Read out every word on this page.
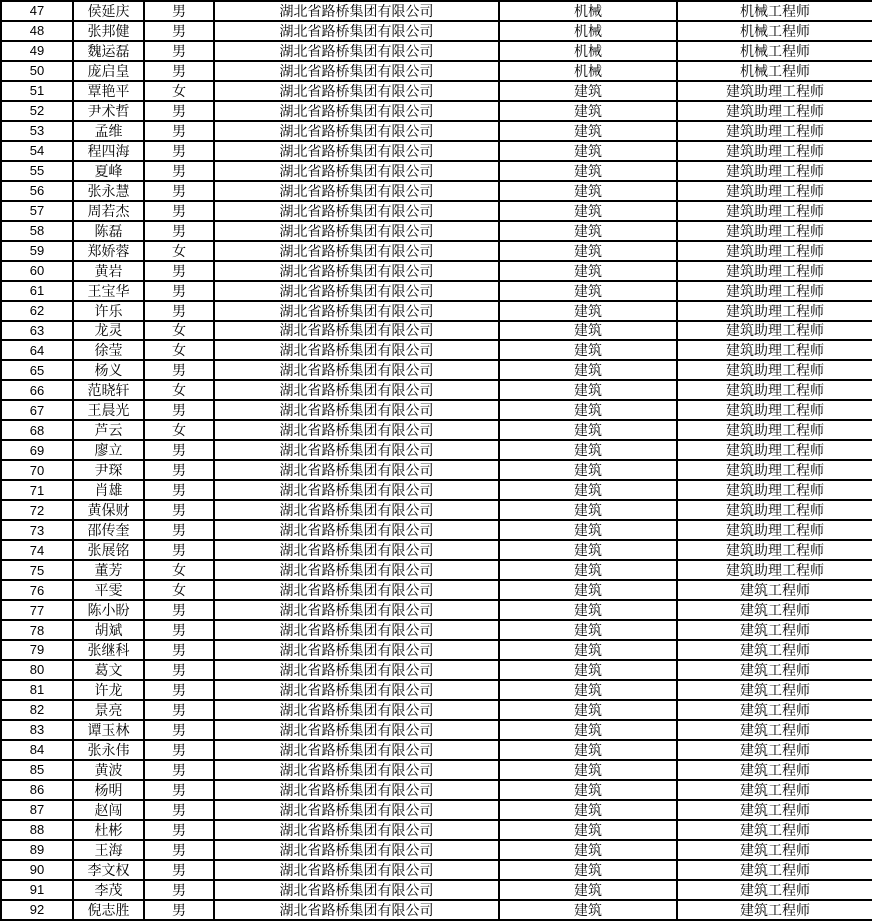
47	侯延庆	男	湖北省路桥集团有限公司	机械	机械工程师
48	张邦健	男	湖北省路桥集团有限公司	机械	机械工程师
49	魏运磊	男	湖北省路桥集团有限公司	机械	机械工程师
50	庞启皇	男	湖北省路桥集团有限公司	机械	机械工程师
51	覃艳平	女	湖北省路桥集团有限公司	建筑	建筑助理工程师
52	尹术哲	男	湖北省路桥集团有限公司	建筑	建筑助理工程师
53	孟维	男	湖北省路桥集团有限公司	建筑	建筑助理工程师
54	程四海	男	湖北省路桥集团有限公司	建筑	建筑助理工程师
55	夏峰	男	湖北省路桥集团有限公司	建筑	建筑助理工程师
56	张永慧	男	湖北省路桥集团有限公司	建筑	建筑助理工程师
57	周若杰	男	湖北省路桥集团有限公司	建筑	建筑助理工程师
58	陈磊	男	湖北省路桥集团有限公司	建筑	建筑助理工程师
59	郑娇蓉	女	湖北省路桥集团有限公司	建筑	建筑助理工程师
60	黄岩	男	湖北省路桥集团有限公司	建筑	建筑助理工程师
61	王宝华	男	湖北省路桥集团有限公司	建筑	建筑助理工程师
62	许乐	男	湖北省路桥集团有限公司	建筑	建筑助理工程师
63	龙灵	女	湖北省路桥集团有限公司	建筑	建筑助理工程师
64	徐莹	女	湖北省路桥集团有限公司	建筑	建筑助理工程师
65	杨义	男	湖北省路桥集团有限公司	建筑	建筑助理工程师
66	范晓轩	女	湖北省路桥集团有限公司	建筑	建筑助理工程师
67	王晨光	男	湖北省路桥集团有限公司	建筑	建筑助理工程师
68	芦云	女	湖北省路桥集团有限公司	建筑	建筑助理工程师
69	廖立	男	湖北省路桥集团有限公司	建筑	建筑助理工程师
70	尹琛	男	湖北省路桥集团有限公司	建筑	建筑助理工程师
71	肖雄	男	湖北省路桥集团有限公司	建筑	建筑助理工程师
72	黄保财	男	湖北省路桥集团有限公司	建筑	建筑助理工程师
73	邵传奎	男	湖北省路桥集团有限公司	建筑	建筑助理工程师
74	张展铭	男	湖北省路桥集团有限公司	建筑	建筑助理工程师
75	董芳	女	湖北省路桥集团有限公司	建筑	建筑助理工程师
76	平雯	女	湖北省路桥集团有限公司	建筑	建筑工程师
77	陈小盼	男	湖北省路桥集团有限公司	建筑	建筑工程师
78	胡斌	男	湖北省路桥集团有限公司	建筑	建筑工程师
79	张继科	男	湖北省路桥集团有限公司	建筑	建筑工程师
80	葛文	男	湖北省路桥集团有限公司	建筑	建筑工程师
81	许龙	男	湖北省路桥集团有限公司	建筑	建筑工程师
82	景亮	男	湖北省路桥集团有限公司	建筑	建筑工程师
83	谭玉林	男	湖北省路桥集团有限公司	建筑	建筑工程师
84	张永伟	男	湖北省路桥集团有限公司	建筑	建筑工程师
85	黄波	男	湖北省路桥集团有限公司	建筑	建筑工程师
86	杨明	男	湖北省路桥集团有限公司	建筑	建筑工程师
87	赵闯	男	湖北省路桥集团有限公司	建筑	建筑工程师
88	杜彬	男	湖北省路桥集团有限公司	建筑	建筑工程师
89	王海	男	湖北省路桥集团有限公司	建筑	建筑工程师
90	李文权	男	湖北省路桥集团有限公司	建筑	建筑工程师
91	李茂	男	湖北省路桥集团有限公司	建筑	建筑工程师
92	倪志胜	男	湖北省路桥集团有限公司	建筑	建筑工程师
